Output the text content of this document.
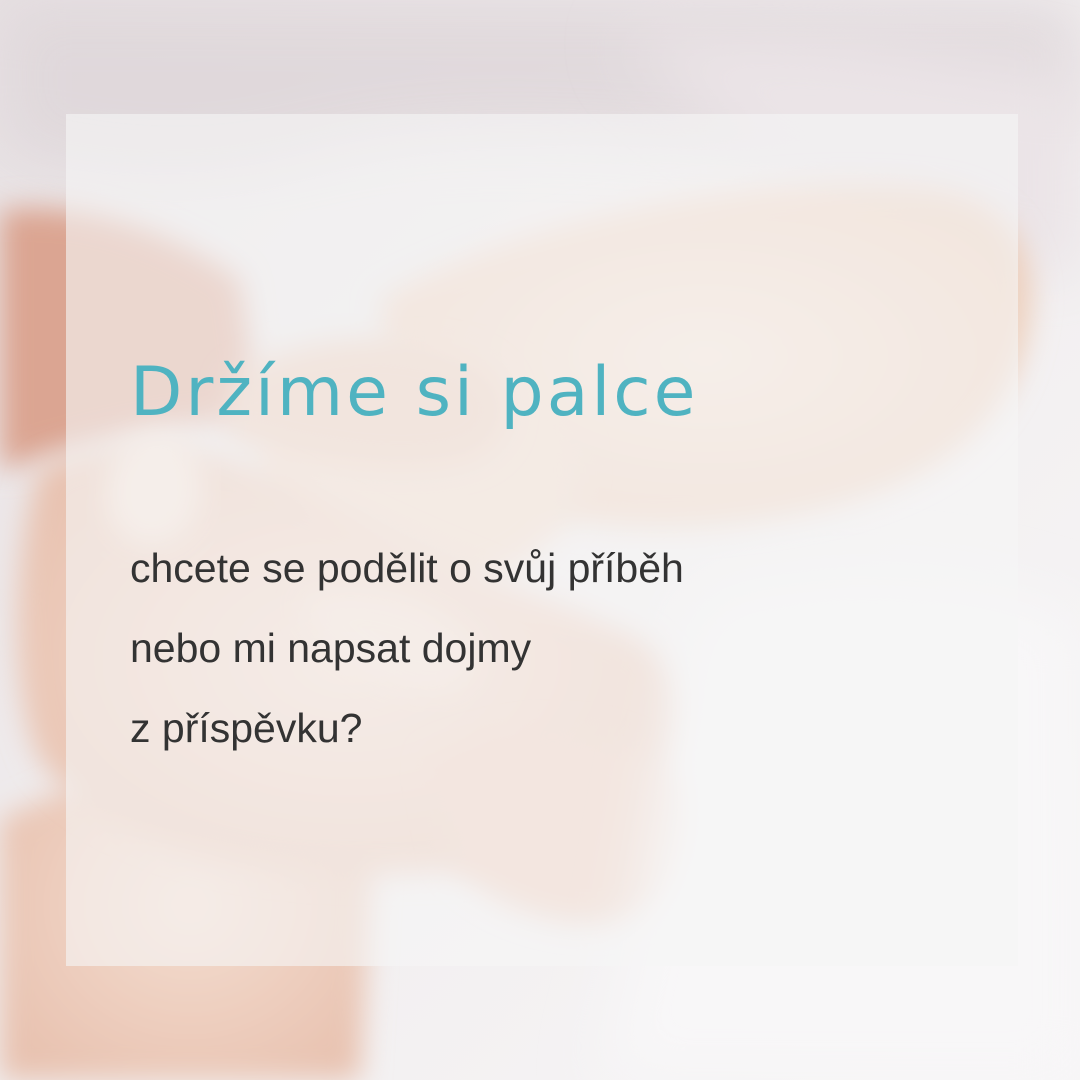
Držíme si palce
chcete se podělit o svůj příběh
nebo mi napsat dojmy
z příspěvku?
